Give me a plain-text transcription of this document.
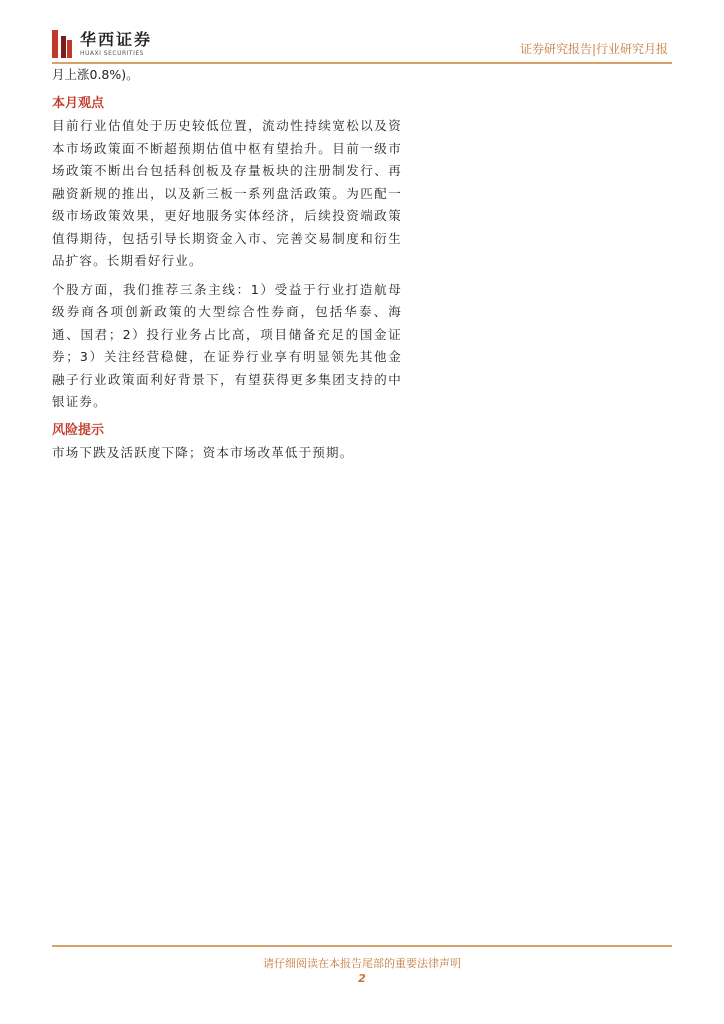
华西证券
HUAXI SECURITIES	证券研究报告|行业研究月报

月上涨0.8%)。

本月观点

目前行业估值处于历史较低位置，流动性持续宽松以及资本市场政策面不断超预期估值中枢有望抬升。目前一级市场政策不断出台包括科创板及存量板块的注册制发行、再融资新规的推出，以及新三板一系列盘活政策。为匹配一级市场政策效果，更好地服务实体经济，后续投资端政策值得期待，包括引导长期资金入市、完善交易制度和衍生品扩容。长期看好行业。

个股方面，我们推荐三条主线：1）受益于行业打造航母级券商各项创新政策的大型综合性券商，包括华泰、海通、国君；2）投行业务占比高，项目储备充足的国金证券；3）关注经营稳健，在证券行业享有明显领先其他金融子行业政策面利好背景下，有望获得更多集团支持的中银证券。

风险提示

市场下跌及活跃度下降；资本市场改革低于预期。

请仔细阅读在本报告尾部的重要法律声明
2
